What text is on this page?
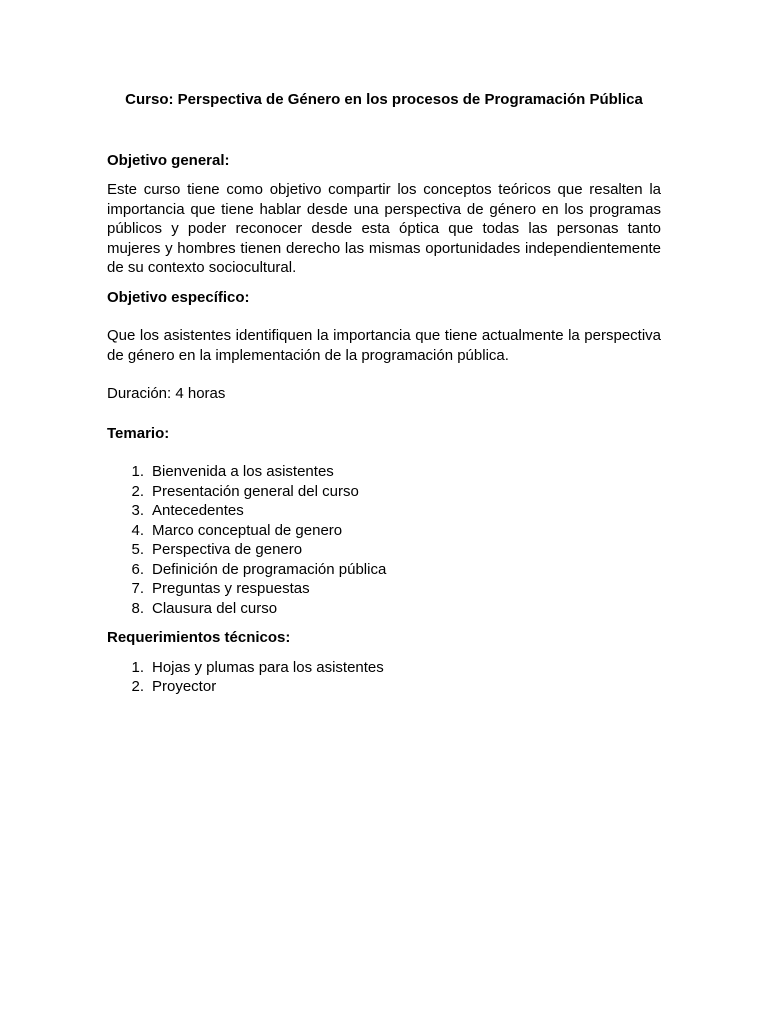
Curso: Perspectiva de Género en los procesos de Programación Pública

Objetivo general:

Este curso tiene como objetivo compartir los conceptos teóricos que resalten la importancia que tiene hablar desde una perspectiva de género en los programas públicos y poder reconocer desde esta óptica que todas las personas tanto mujeres y hombres tienen derecho las mismas oportunidades independientemente de su contexto sociocultural.

Objetivo específico:

Que los asistentes identifiquen la importancia que tiene actualmente la perspectiva de género en la implementación de la programación pública.

Duración: 4 horas

Temario:

1. Bienvenida a los asistentes
2. Presentación general del curso
3. Antecedentes
4. Marco conceptual de genero
5. Perspectiva de genero
6. Definición de programación pública
7. Preguntas y respuestas
8. Clausura del curso

Requerimientos técnicos:

1. Hojas y plumas para los asistentes
2. Proyector
